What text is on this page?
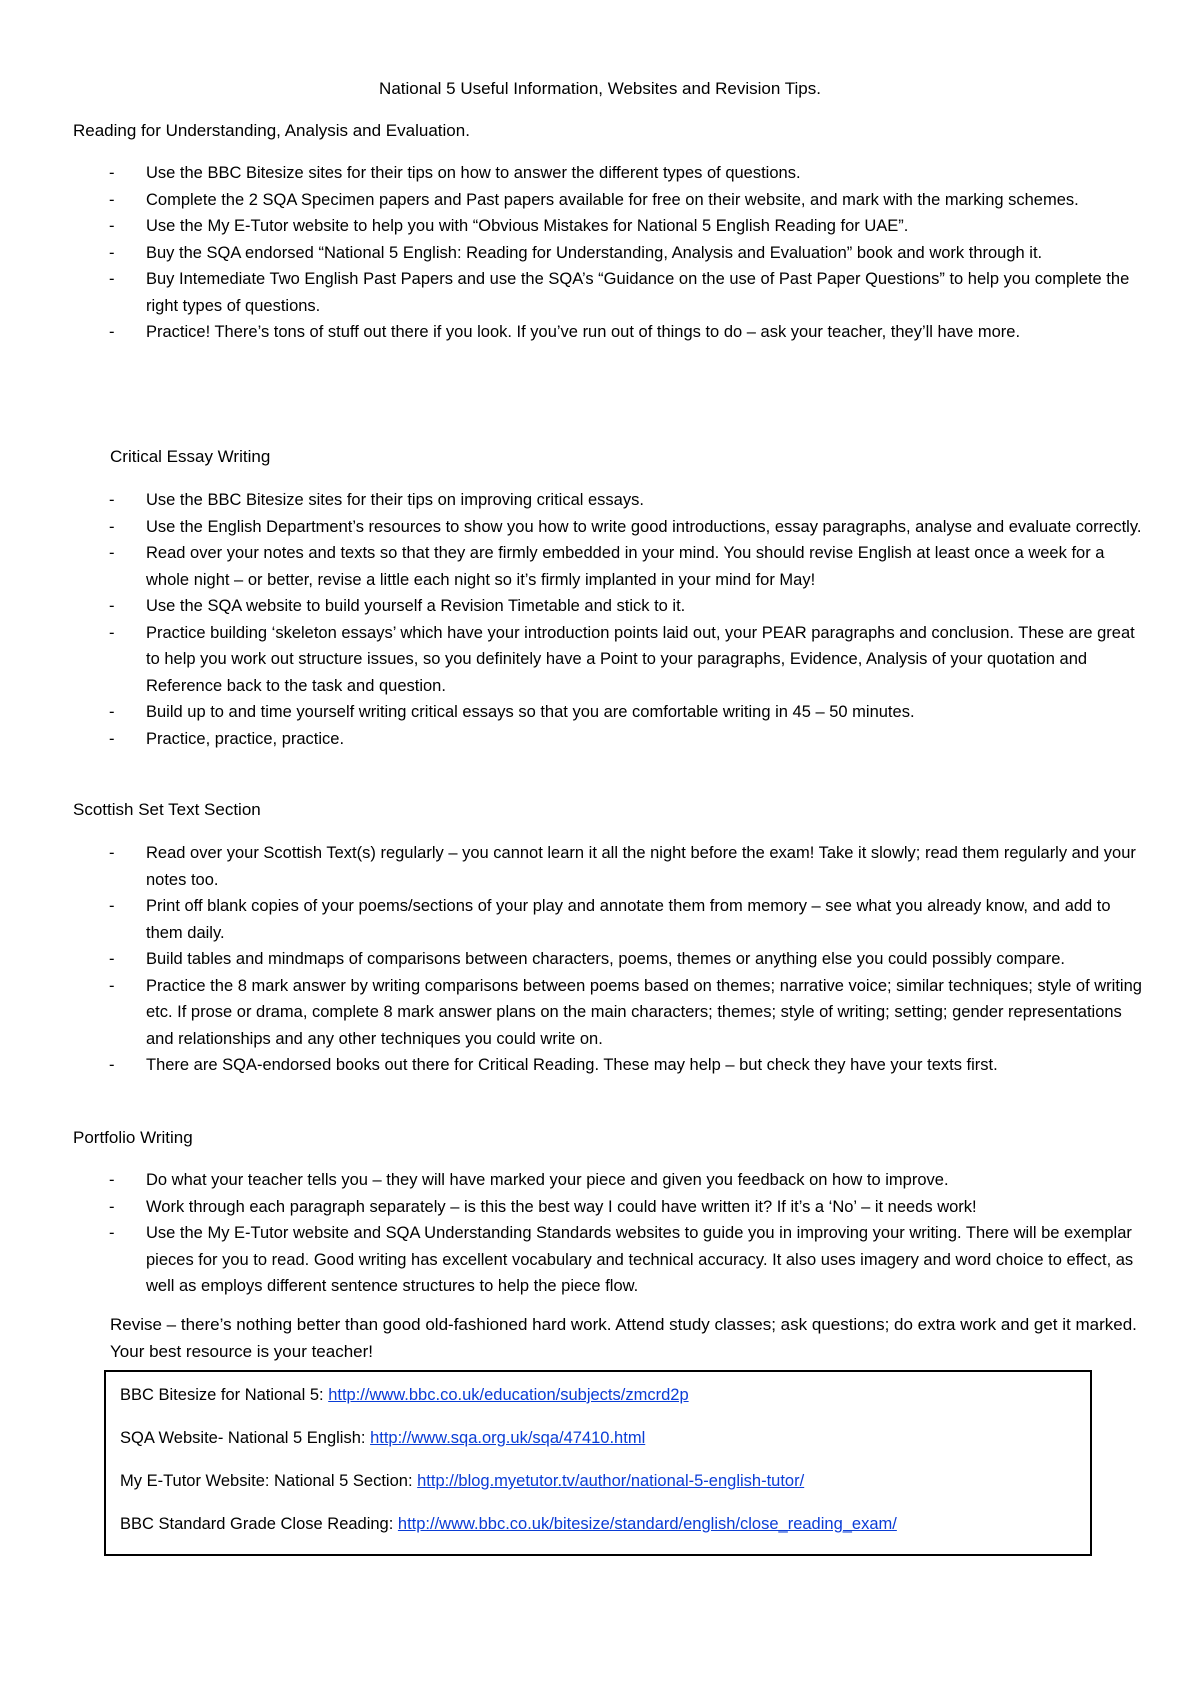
National 5 Useful Information, Websites and Revision Tips.
Reading for Understanding, Analysis and Evaluation.
- Use the BBC Bitesize sites for their tips on how to answer the different types of questions.
- Complete the 2 SQA Specimen papers and Past papers available for free on their website, and mark with the marking schemes.
- Use the My E-Tutor website to help you with “Obvious Mistakes for National 5 English Reading for UAE”.
- Buy the SQA endorsed “National 5 English: Reading for Understanding, Analysis and Evaluation” book and work through it.
- Buy Intemediate Two English Past Papers and use the SQA’s “Guidance on the use of Past Paper Questions” to help you complete the right types of questions.
- Practice! There’s tons of stuff out there if you look. If you’ve run out of things to do – ask your teacher, they’ll have more.
Critical Essay Writing
- Use the BBC Bitesize sites for their tips on improving critical essays.
- Use the English Department’s resources to show you how to write good introductions, essay paragraphs, analyse and evaluate correctly.
- Read over your notes and texts so that they are firmly embedded in your mind. You should revise English at least once a week for a whole night – or better, revise a little each night so it’s firmly implanted in your mind for May!
- Use the SQA website to build yourself a Revision Timetable and stick to it.
- Practice building ‘skeleton essays’ which have your introduction points laid out, your PEAR paragraphs and conclusion. These are great to help you work out structure issues, so you definitely have a Point to your paragraphs, Evidence, Analysis of your quotation and Reference back to the task and question.
- Build up to and time yourself writing critical essays so that you are comfortable writing in 45 – 50 minutes.
- Practice, practice, practice.
Scottish Set Text Section
- Read over your Scottish Text(s) regularly – you cannot learn it all the night before the exam! Take it slowly; read them regularly and your notes too.
- Print off blank copies of your poems/sections of your play and annotate them from memory – see what you already know, and add to them daily.
- Build tables and mindmaps of comparisons between characters, poems, themes or anything else you could possibly compare.
- Practice the 8 mark answer by writing comparisons between poems based on themes; narrative voice; similar techniques; style of writing etc. If prose or drama, complete 8 mark answer plans on the main characters; themes; style of writing; setting; gender representations and relationships and any other techniques you could write on.
- There are SQA-endorsed books out there for Critical Reading. These may help – but check they have your texts first.
Portfolio Writing
- Do what your teacher tells you – they will have marked your piece and given you feedback on how to improve.
- Work through each paragraph separately – is this the best way I could have written it? If it’s a ‘No’ – it needs work!
- Use the My E-Tutor website and SQA Understanding Standards websites to guide you in improving your writing. There will be exemplar pieces for you to read. Good writing has excellent vocabulary and technical accuracy. It also uses imagery and word choice to effect, as well as employs different sentence structures to help the piece flow.
Revise – there’s nothing better than good old-fashioned hard work. Attend study classes; ask questions; do extra work and get it marked. Your best resource is your teacher!
BBC Bitesize for National 5: http://www.bbc.co.uk/education/subjects/zmcrd2p
SQA Website- National 5 English: http://www.sqa.org.uk/sqa/47410.html
My E-Tutor Website: National 5 Section: http://blog.myetutor.tv/author/national-5-english-tutor/
BBC Standard Grade Close Reading: http://www.bbc.co.uk/bitesize/standard/english/close_reading_exam/
